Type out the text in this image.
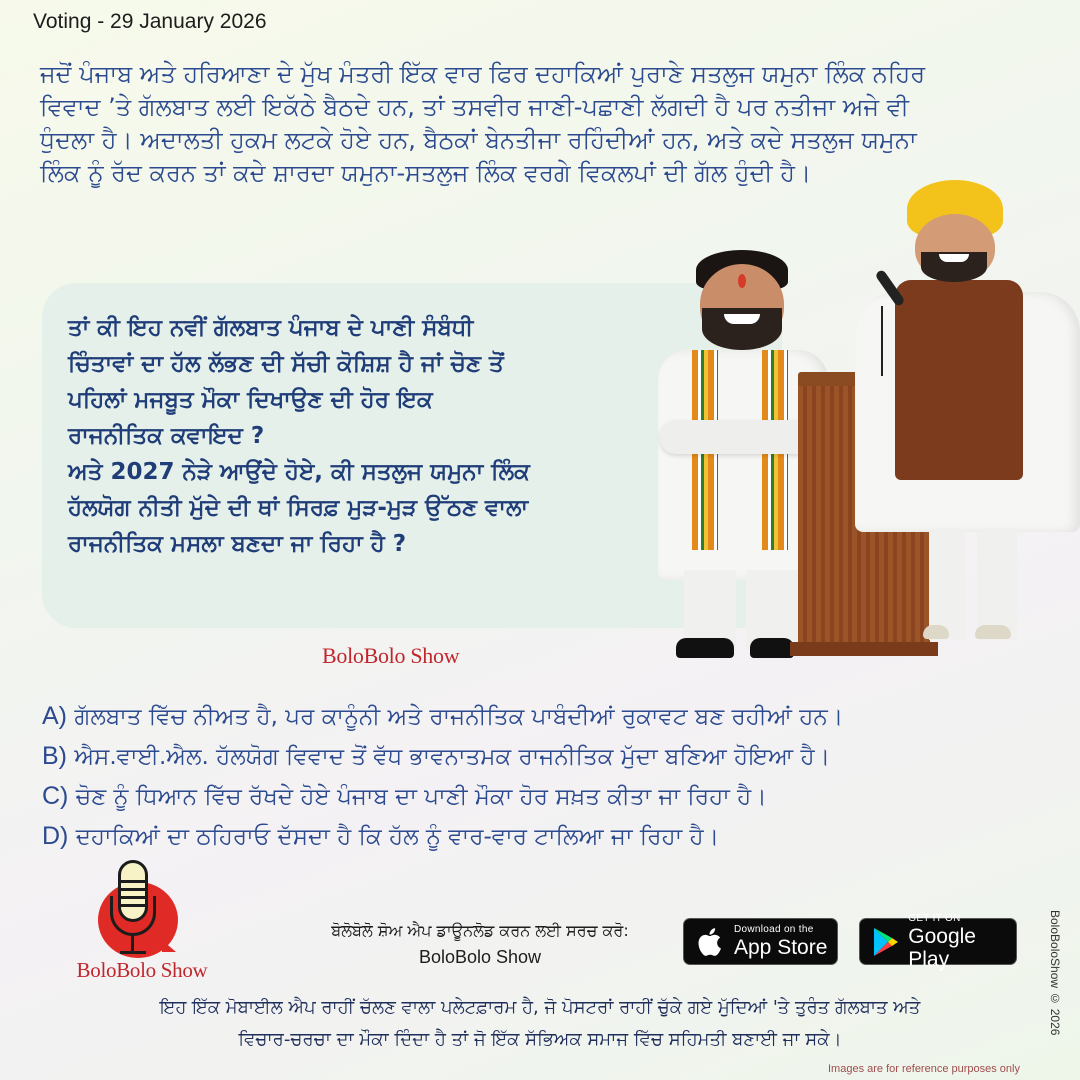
Voting - 29 January 2026
ਜਦੋਂ ਪੰਜਾਬ ਅਤੇ ਹਰਿਆਣਾ ਦੇ ਮੁੱਖ ਮੰਤਰੀ ਇੱਕ ਵਾਰ ਫਿਰ ਦਹਾਕਿਆਂ ਪੁਰਾਣੇ ਸਤਲੁਜ ਯਮੁਨਾ ਲਿੰਕ ਨਹਿਰ
ਵਿਵਾਦ ’ਤੇ ਗੱਲਬਾਤ ਲਈ ਇਕੱਠੇ ਬੈਠਦੇ ਹਨ, ਤਾਂ ਤਸਵੀਰ ਜਾਣੀ-ਪਛਾਣੀ ਲੱਗਦੀ ਹੈ ਪਰ ਨਤੀਜਾ ਅਜੇ ਵੀ
ਧੁੰਦਲਾ ਹੈ। ਅਦਾਲਤੀ ਹੁਕਮ ਲਟਕੇ ਹੋਏ ਹਨ, ਬੈਠਕਾਂ ਬੇਨਤੀਜਾ ਰਹਿੰਦੀਆਂ ਹਨ, ਅਤੇ ਕਦੇ ਸਤਲੁਜ ਯਮੁਨਾ
ਲਿੰਕ ਨੂੰ ਰੱਦ ਕਰਨ ਤਾਂ ਕਦੇ ਸ਼ਾਰਦਾ ਯਮੁਨਾ-ਸਤਲੁਜ ਲਿੰਕ ਵਰਗੇ ਵਿਕਲਪਾਂ ਦੀ ਗੱਲ ਹੁੰਦੀ ਹੈ।
ਤਾਂ ਕੀ ਇਹ ਨਵੀਂ ਗੱਲਬਾਤ ਪੰਜਾਬ ਦੇ ਪਾਣੀ ਸੰਬੰਧੀ
ਚਿੰਤਾਵਾਂ ਦਾ ਹੱਲ ਲੱਭਣ ਦੀ ਸੱਚੀ ਕੋਸ਼ਿਸ਼ ਹੈ ਜਾਂ ਚੋਣ ਤੋਂ
ਪਹਿਲਾਂ ਮਜਬੂਤ ਮੌਕਾ ਦਿਖਾਉਣ ਦੀ ਹੋਰ ਇਕ
ਰਾਜਨੀਤਿਕ ਕਵਾਇਦ ?
ਅਤੇ 2027 ਨੇੜੇ ਆਉਂਦੇ ਹੋਏ, ਕੀ ਸਤਲੁਜ ਯਮੁਨਾ ਲਿੰਕ
ਹੱਲਯੋਗ ਨੀਤੀ ਮੁੱਦੇ ਦੀ ਥਾਂ ਸਿਰਫ਼ ਮੁੜ-ਮੁੜ ਉੱਠਣ ਵਾਲਾ
ਰਾਜਨੀਤਿਕ ਮਸਲਾ ਬਣਦਾ ਜਾ ਰਿਹਾ ਹੈ ?
BoloBolo Show
A) ਗੱਲਬਾਤ ਵਿੱਚ ਨੀਅਤ ਹੈ, ਪਰ ਕਾਨੂੰਨੀ ਅਤੇ ਰਾਜਨੀਤਿਕ ਪਾਬੰਦੀਆਂ ਰੁਕਾਵਟ ਬਣ ਰਹੀਆਂ ਹਨ।
B) ਐਸ.ਵਾਈ.ਐਲ. ਹੱਲਯੋਗ ਵਿਵਾਦ ਤੋਂ ਵੱਧ ਭਾਵਨਾਤਮਕ ਰਾਜਨੀਤਿਕ ਮੁੱਦਾ ਬਣਿਆ ਹੋਇਆ ਹੈ।
C) ਚੋਣ ਨੂੰ ਧਿਆਨ ਵਿੱਚ ਰੱਖਦੇ ਹੋਏ ਪੰਜਾਬ ਦਾ ਪਾਣੀ ਮੌਕਾ ਹੋਰ ਸਖ਼ਤ ਕੀਤਾ ਜਾ ਰਿਹਾ ਹੈ।
D) ਦਹਾਕਿਆਂ ਦਾ ਠਹਿਰਾਓ ਦੱਸਦਾ ਹੈ ਕਿ ਹੱਲ ਨੂੰ ਵਾਰ-ਵਾਰ ਟਾਲਿਆ ਜਾ ਰਿਹਾ ਹੈ।
BoloBolo Show
ਬੋਲੋਬੋਲੋ ਸ਼ੋਅ ਐਪ ਡਾਊਨਲੋਡ ਕਰਨ ਲਈ ਸਰਚ ਕਰੋ:
BoloBolo Show
Download on the
App Store
GET IT ON
Google Play
ਇਹ ਇੱਕ ਮੋਬਾਈਲ ਐਪ ਰਾਹੀਂ ਚੱਲਣ ਵਾਲਾ ਪਲੇਟਫ਼ਾਰਮ ਹੈ, ਜੋ ਪੋਸਟਰਾਂ ਰਾਹੀਂ ਚੁੱਕੇ ਗਏ ਮੁੱਦਿਆਂ 'ਤੇ ਤੁਰੰਤ ਗੱਲਬਾਤ ਅਤੇ
ਵਿਚਾਰ-ਚਰਚਾ ਦਾ ਮੌਕਾ ਦਿੰਦਾ ਹੈ ਤਾਂ ਜੋ ਇੱਕ ਸੱਭਿਅਕ ਸਮਾਜ ਵਿੱਚ ਸਹਿਮਤੀ ਬਣਾਈ ਜਾ ਸਕੇ।
BoloBoloShow © 2026
Images are for reference purposes only
